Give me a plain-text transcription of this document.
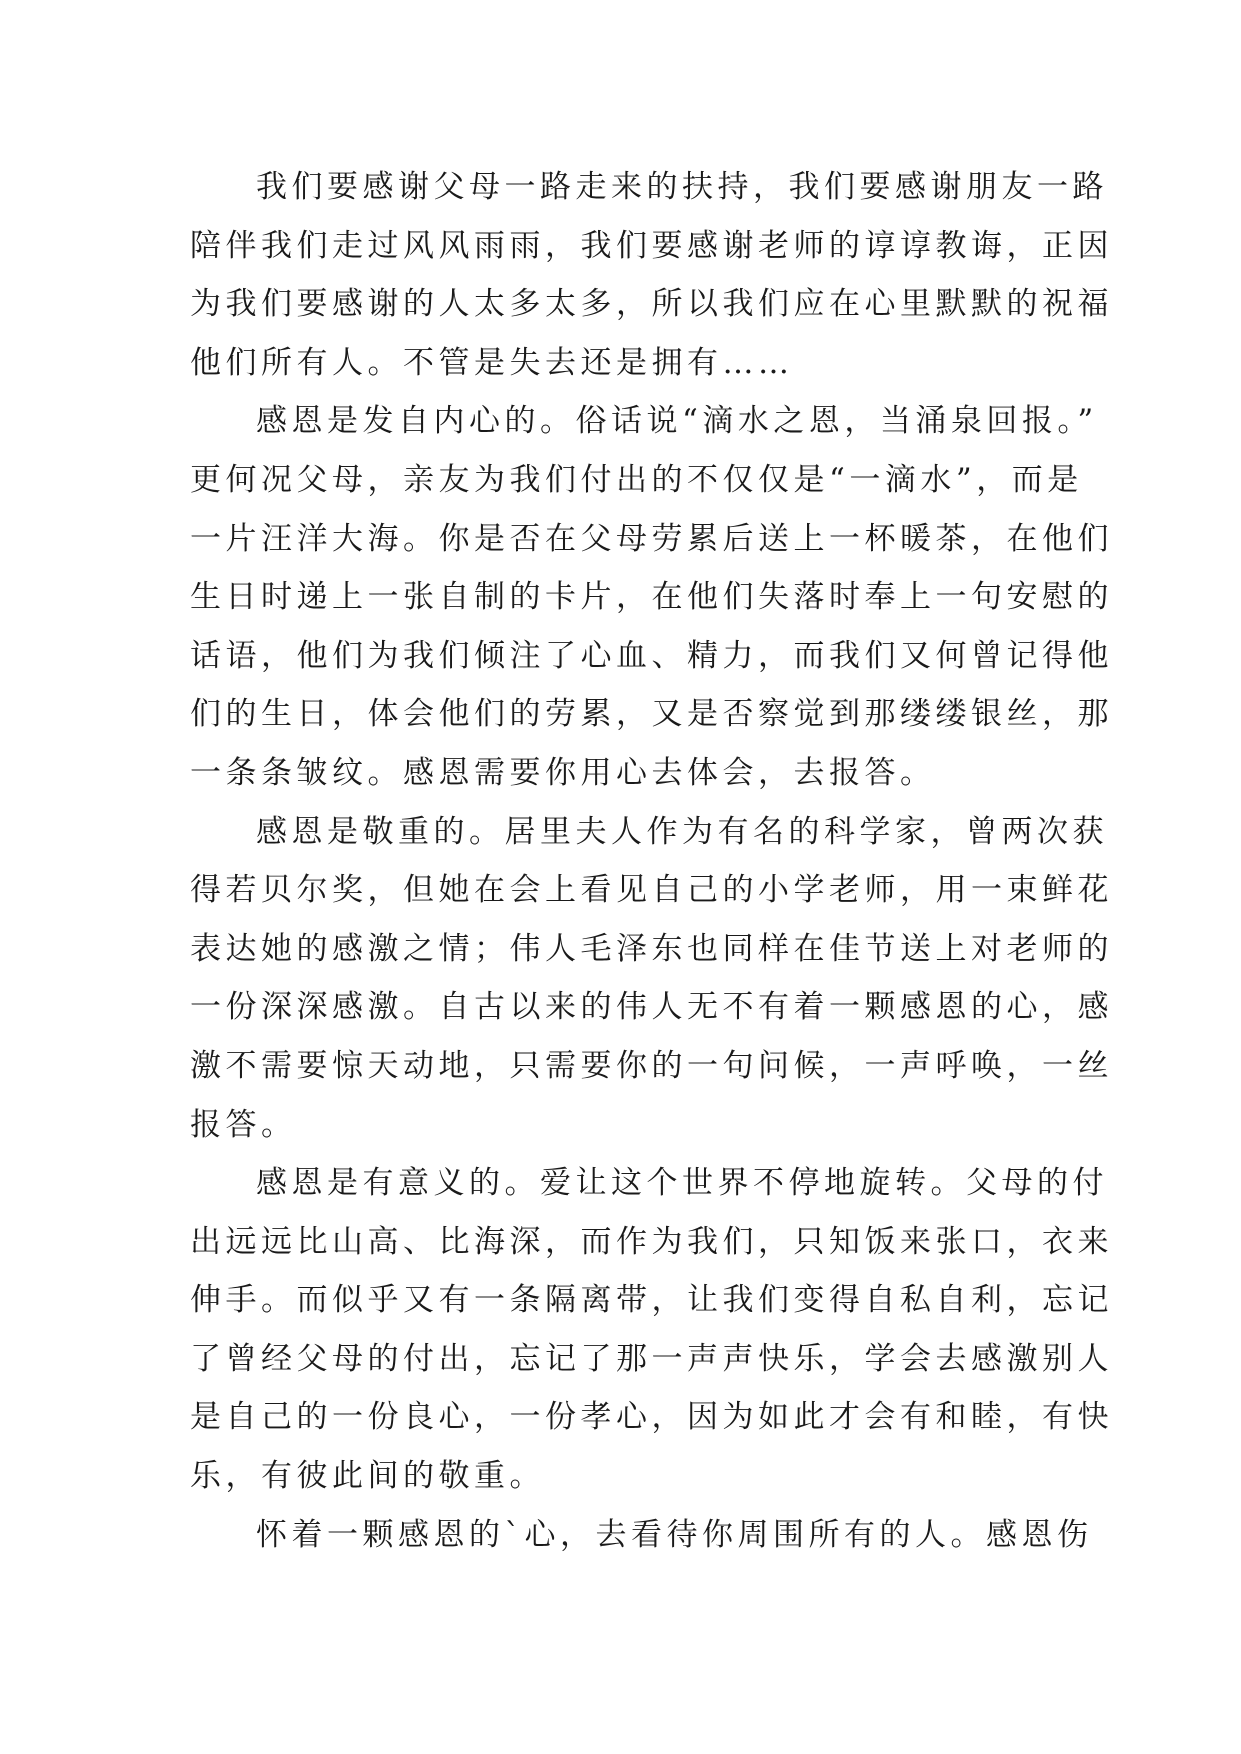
我们要感谢父母一路走来的扶持，我们要感谢朋友一路
陪伴我们走过风风雨雨，我们要感谢老师的谆谆教诲，正因
为我们要感谢的人太多太多，所以我们应在心里默默的祝福
他们所有人。不管是失去还是拥有……
感恩是发自内心的。俗话说“滴水之恩，当涌泉回报。”
更何况父母，亲友为我们付出的不仅仅是“一滴水”，而是
一片汪洋大海。你是否在父母劳累后送上一杯暖茶，在他们
生日时递上一张自制的卡片，在他们失落时奉上一句安慰的
话语，他们为我们倾注了心血、精力，而我们又何曾记得他
们的生日，体会他们的劳累，又是否察觉到那缕缕银丝，那
一条条皱纹。感恩需要你用心去体会，去报答。
感恩是敬重的。居里夫人作为有名的科学家，曾两次获
得若贝尔奖，但她在会上看见自己的小学老师，用一束鲜花
表达她的感激之情；伟人毛泽东也同样在佳节送上对老师的
一份深深感激。自古以来的伟人无不有着一颗感恩的心，感
激不需要惊天动地，只需要你的一句问候，一声呼唤，一丝
报答。
感恩是有意义的。爱让这个世界不停地旋转。父母的付
出远远比山高、比海深，而作为我们，只知饭来张口，衣来
伸手。而似乎又有一条隔离带，让我们变得自私自利，忘记
了曾经父母的付出，忘记了那一声声快乐，学会去感激别人
是自己的一份良心，一份孝心，因为如此才会有和睦，有快
乐，有彼此间的敬重。
怀着一颗感恩的`心，去看待你周围所有的人。感恩伤
